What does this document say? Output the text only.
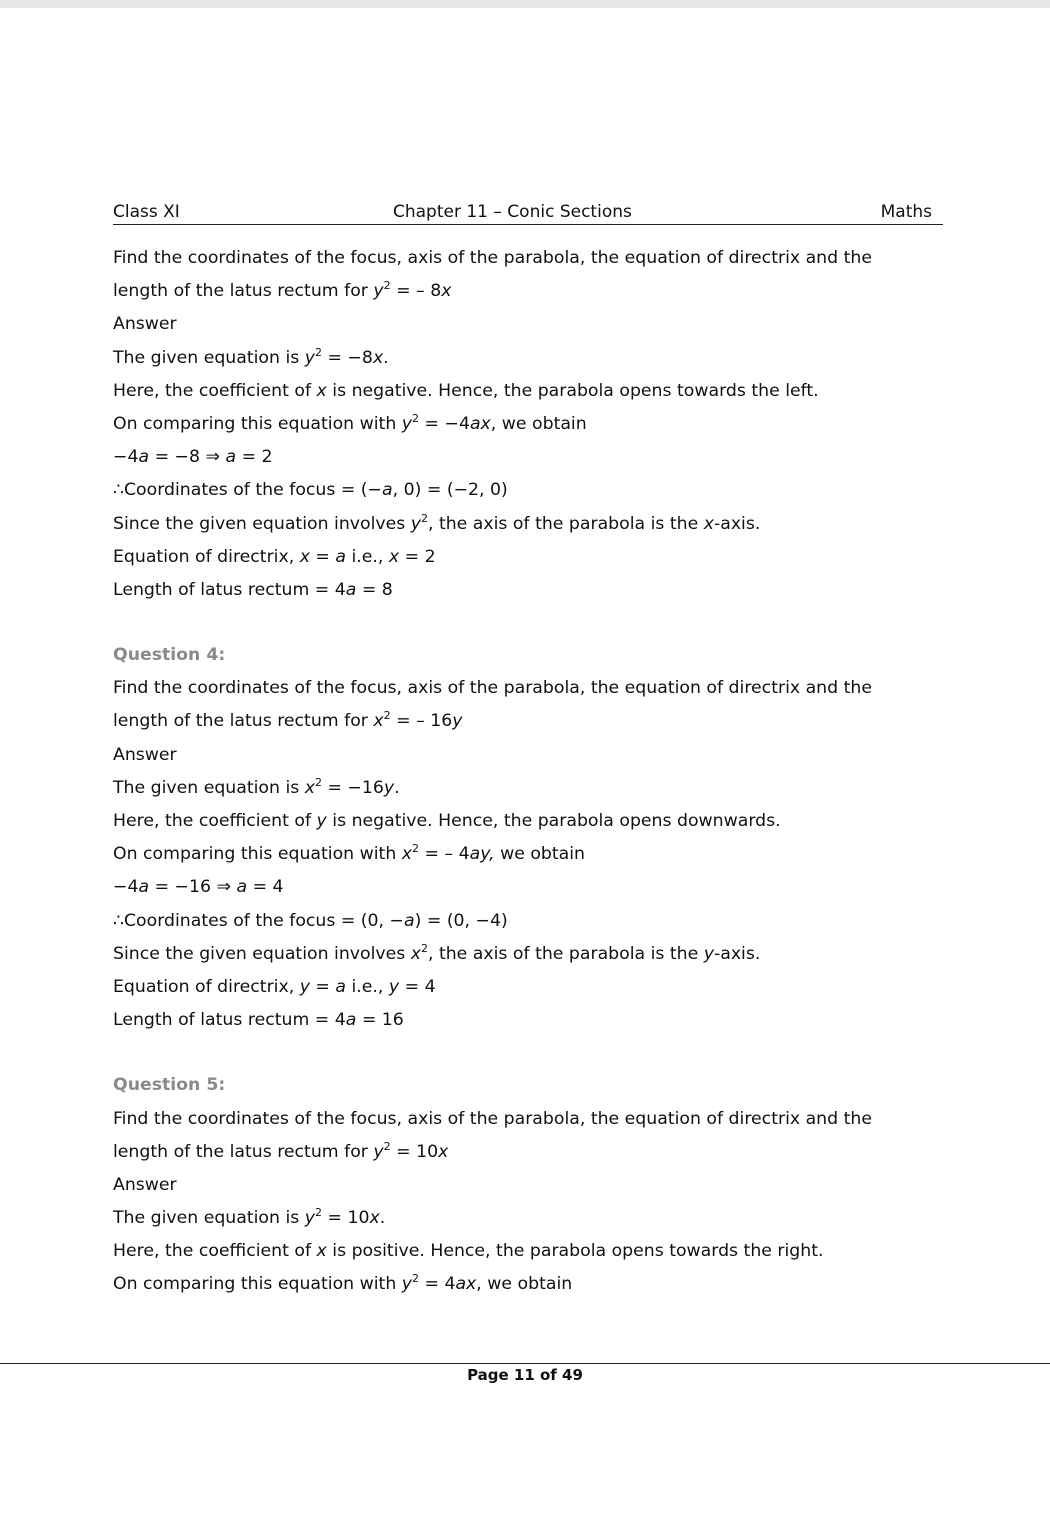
Class XI	Chapter 11 – Conic Sections	Maths
Find the coordinates of the focus, axis of the parabola, the equation of directrix and the
length of the latus rectum for $y^2$ = – 8x
Answer
The given equation is $y^2 = -8x$.
Here, the coefficient of x is negative. Hence, the parabola opens towards the left.
On comparing this equation with $y^2 = -4ax$, we obtain
−4a = −8 ⇒ a = 2
∴Coordinates of the focus = (−a, 0) = (−2, 0)
Since the given equation involves $y^2$, the axis of the parabola is the x-axis.
Equation of directrix, x = a i.e., x = 2
Length of latus rectum = 4a = 8
Question 4:
Find the coordinates of the focus, axis of the parabola, the equation of directrix and the
length of the latus rectum for $x^2$ = – 16y
Answer
The given equation is $x^2 = -16y$.
Here, the coefficient of y is negative. Hence, the parabola opens downwards.
On comparing this equation with $x^2$ = – 4ay, we obtain
−4a = −16 ⇒ a = 4
∴Coordinates of the focus = (0, −a) = (0, −4)
Since the given equation involves $x^2$, the axis of the parabola is the y-axis.
Equation of directrix, y = a i.e., y = 4
Length of latus rectum = 4a = 16
Question 5:
Find the coordinates of the focus, axis of the parabola, the equation of directrix and the
length of the latus rectum for $y^2 = 10x$
Answer
The given equation is $y^2 = 10x$.
Here, the coefficient of x is positive. Hence, the parabola opens towards the right.
On comparing this equation with $y^2 = 4ax$, we obtain
Page 11 of 49
